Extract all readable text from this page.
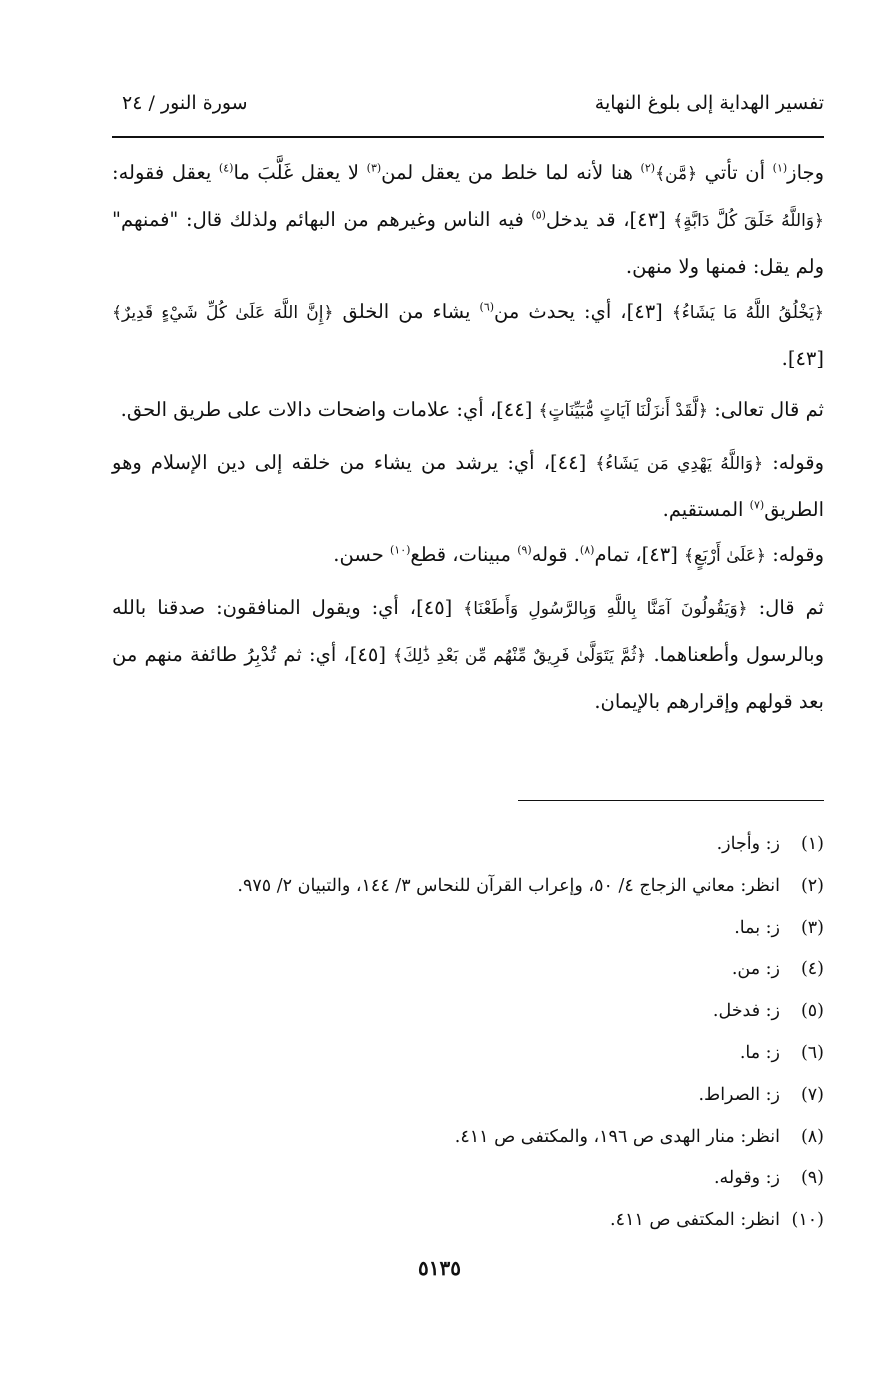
تفسير الهداية إلى بلوغ النهاية
سورة النور / ٢٤

وجاز$^{(١)}$ أن تأتي ﴿مَّن﴾$^{(٢)}$ هنا لأنه لما خلط من يعقل لمن$^{(٣)}$ لا يعقل غَلَّبَ ما$^{(٤)}$ يعقل فقوله: ﴿وَاللَّهُ خَلَقَ كُلَّ دَابَّةٍ﴾ [٤٣]، قد يدخل$^{(٥)}$ فيه الناس وغيرهم من البهائم ولذلك قال: "فمنهم" ولم يقل: فمنها ولا منهن.

﴿يَخْلُقُ اللَّهُ مَا يَشَاءُ﴾ [٤٣]، أي: يحدث من$^{(٦)}$ يشاء من الخلق ﴿إِنَّ اللَّهَ عَلَىٰ كُلِّ شَيْءٍ قَدِيرٌ﴾ [٤٣].

ثم قال تعالى: ﴿لَّقَدْ أَنزَلْنَا آيَاتٍ مُّبَيِّنَاتٍ﴾ [٤٤]، أي: علامات واضحات دالات على طريق الحق.

وقوله: ﴿وَاللَّهُ يَهْدِي مَن يَشَاءُ﴾ [٤٤]، أي: يرشد من يشاء من خلقه إلى دين الإسلام وهو الطريق$^{(٧)}$ المستقيم.

وقوله: ﴿عَلَىٰ أَرْبَعٍ﴾ [٤٣]، تمام$^{(٨)}$. قوله$^{(٩)}$ مبينات، قطع$^{(١٠)}$ حسن.

ثم قال: ﴿وَيَقُولُونَ آمَنَّا بِاللَّهِ وَبِالرَّسُولِ وَأَطَعْنَا﴾ [٤٥]، أي: ويقول المنافقون: صدقنا بالله وبالرسول وأطعناهما. ﴿ثُمَّ يَتَوَلَّىٰ فَرِيقٌ مِّنْهُم مِّن بَعْدِ ذَٰلِكَ﴾ [٤٥]، أي: ثم تُدْبِرُ طائفة منهم من بعد قولهم وإقرارهم بالإيمان.

(١)ز: وأجاز.
(٢)انظر: معاني الزجاج ٤/ ٥٠، وإعراب القرآن للنحاس ٣/ ١٤٤، والتبيان ٢/ ٩٧٥.
(٣)ز: بما.
(٤)ز: من.
(٥)ز: فدخل.
(٦)ز: ما.
(٧)ز: الصراط.
(٨)انظر: منار الهدى ص ١٩٦، والمكتفى ص ٤١١.
(٩)ز: وقوله.
(١٠)انظر: المكتفى ص ٤١١.
٥١٣٥
